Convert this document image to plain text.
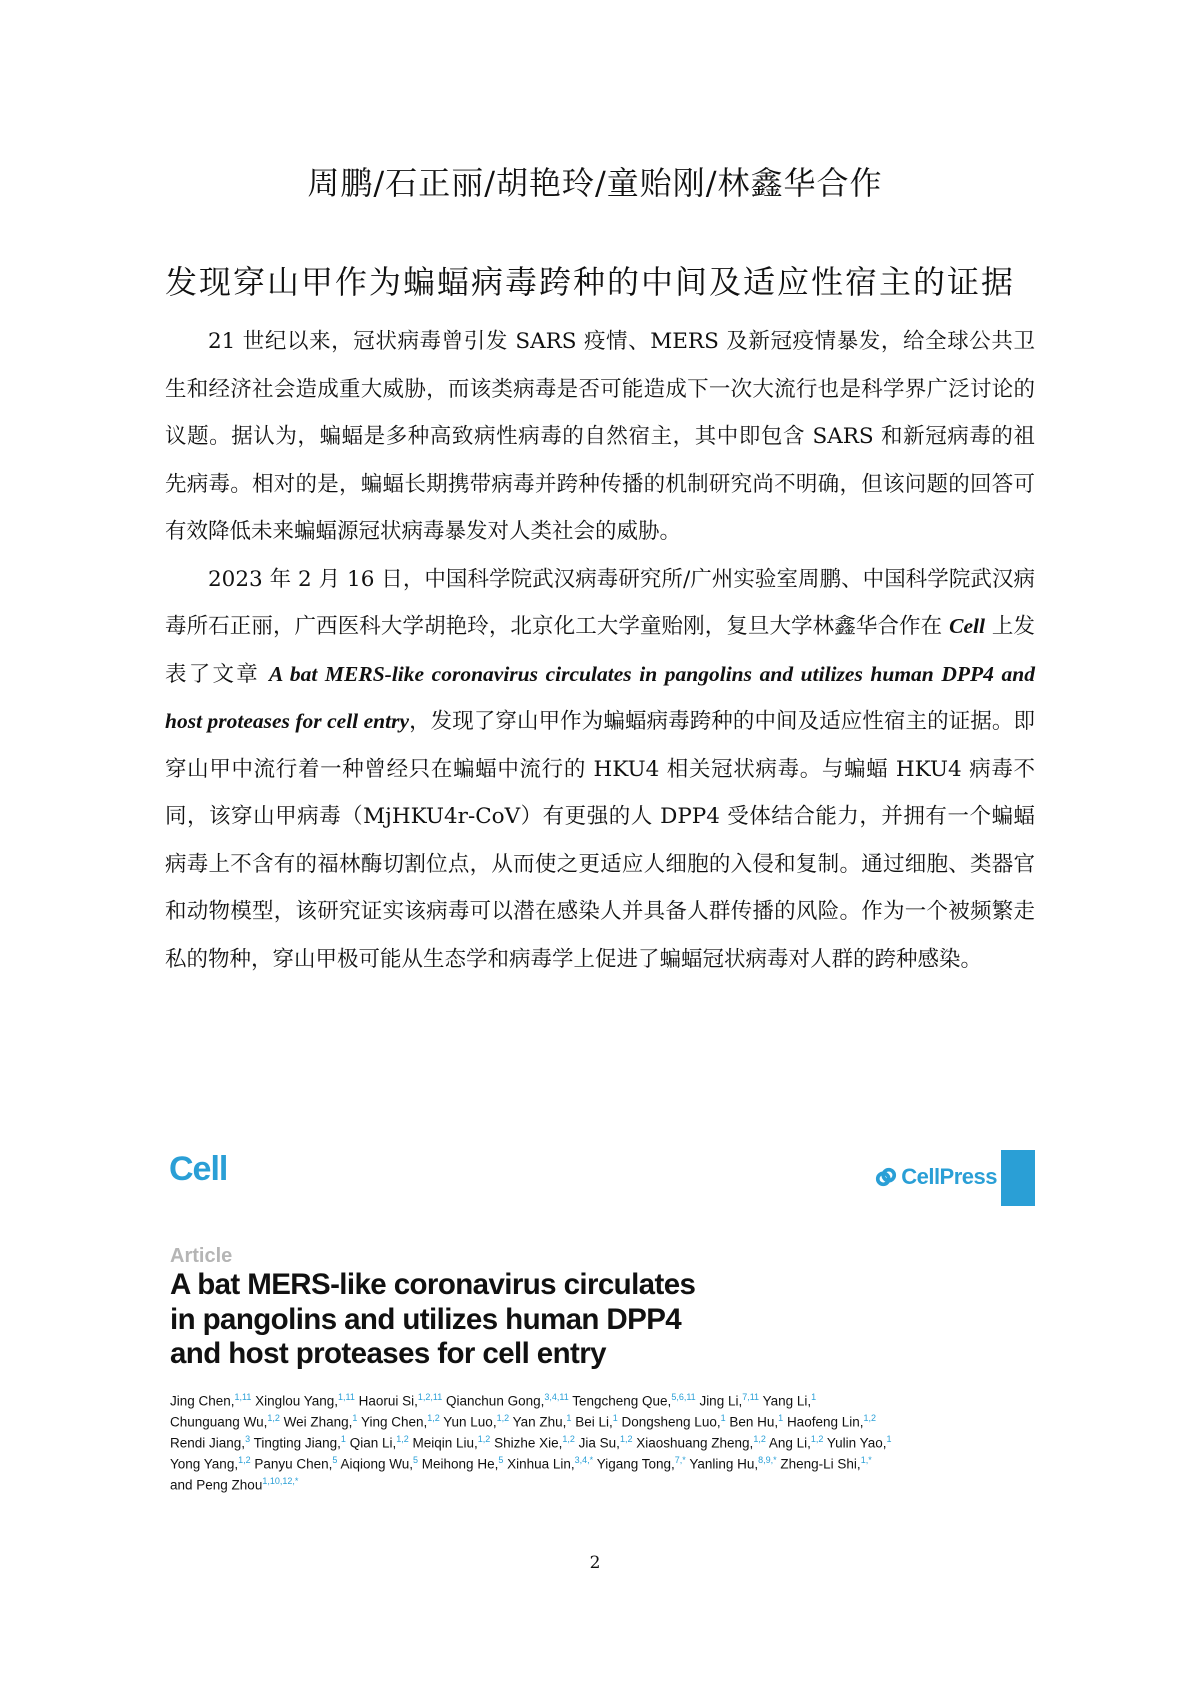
周鹏/石正丽/胡艳玲/童贻刚/林鑫华合作
发现穿山甲作为蝙蝠病毒跨种的中间及适应性宿主的证据

21 世纪以来，冠状病毒曾引发 SARS 疫情、MERS 及新冠疫情暴发，给全球公共卫生和经济社会造成重大威胁，而该类病毒是否可能造成下一次大流行也是科学界广泛讨论的议题。据认为，蝙蝠是多种高致病性病毒的自然宿主，其中即包含 SARS 和新冠病毒的祖先病毒。相对的是，蝙蝠长期携带病毒并跨种传播的机制研究尚不明确，但该问题的回答可有效降低未来蝙蝠源冠状病毒暴发对人类社会的威胁。

2023 年 2 月 16 日，中国科学院武汉病毒研究所/广州实验室周鹏、中国科学院武汉病毒所石正丽，广西医科大学胡艳玲，北京化工大学童贻刚，复旦大学林鑫华合作在 Cell 上发表了文章 A bat MERS-like coronavirus circulates in pangolins and utilizes human DPP4 and host proteases for cell entry，发现了穿山甲作为蝙蝠病毒跨种的中间及适应性宿主的证据。即穿山甲中流行着一种曾经只在蝙蝠中流行的 HKU4 相关冠状病毒。与蝙蝠 HKU4 病毒不同，该穿山甲病毒（MjHKU4r-CoV）有更强的人 DPP4 受体结合能力，并拥有一个蝙蝠病毒上不含有的福林酶切割位点，从而使之更适应人细胞的入侵和复制。通过细胞、类器官和动物模型，该研究证实该病毒可以潜在感染人并具备人群传播的风险。作为一个被频繁走私的物种，穿山甲极可能从生态学和病毒学上促进了蝙蝠冠状病毒对人群的跨种感染。

Cell	CellPress
Article
A bat MERS-like coronavirus circulates
in pangolins and utilizes human DPP4
and host proteases for cell entry
Jing Chen,$^{1,11}$ Xinglou Yang,$^{1,11}$ Haorui Si,$^{1,2,11}$ Qianchun Gong,$^{3,4,11}$ Tengcheng Que,$^{5,6,11}$ Jing Li,$^{7,11}$ Yang Li,$^1$
Chunguang Wu,$^{1,2}$ Wei Zhang,$^1$ Ying Chen,$^{1,2}$ Yun Luo,$^{1,2}$ Yan Zhu,$^1$ Bei Li,$^1$ Dongsheng Luo,$^1$ Ben Hu,$^1$ Haofeng Lin,$^{1,2}$
Rendi Jiang,$^3$ Tingting Jiang,$^1$ Qian Li,$^{1,2}$ Meiqin Liu,$^{1,2}$ Shizhe Xie,$^{1,2}$ Jia Su,$^{1,2}$ Xiaoshuang Zheng,$^{1,2}$ Ang Li,$^{1,2}$ Yulin Yao,$^1$
Yong Yang,$^{1,2}$ Panyu Chen,$^5$ Aiqiong Wu,$^5$ Meihong He,$^5$ Xinhua Lin,$^{3,4,*}$ Yigang Tong,$^{7,*}$ Yanling Hu,$^{8,9,*}$ Zheng-Li Shi,$^{1,*}$
and Peng Zhou$^{1,10,12,*}$
2
